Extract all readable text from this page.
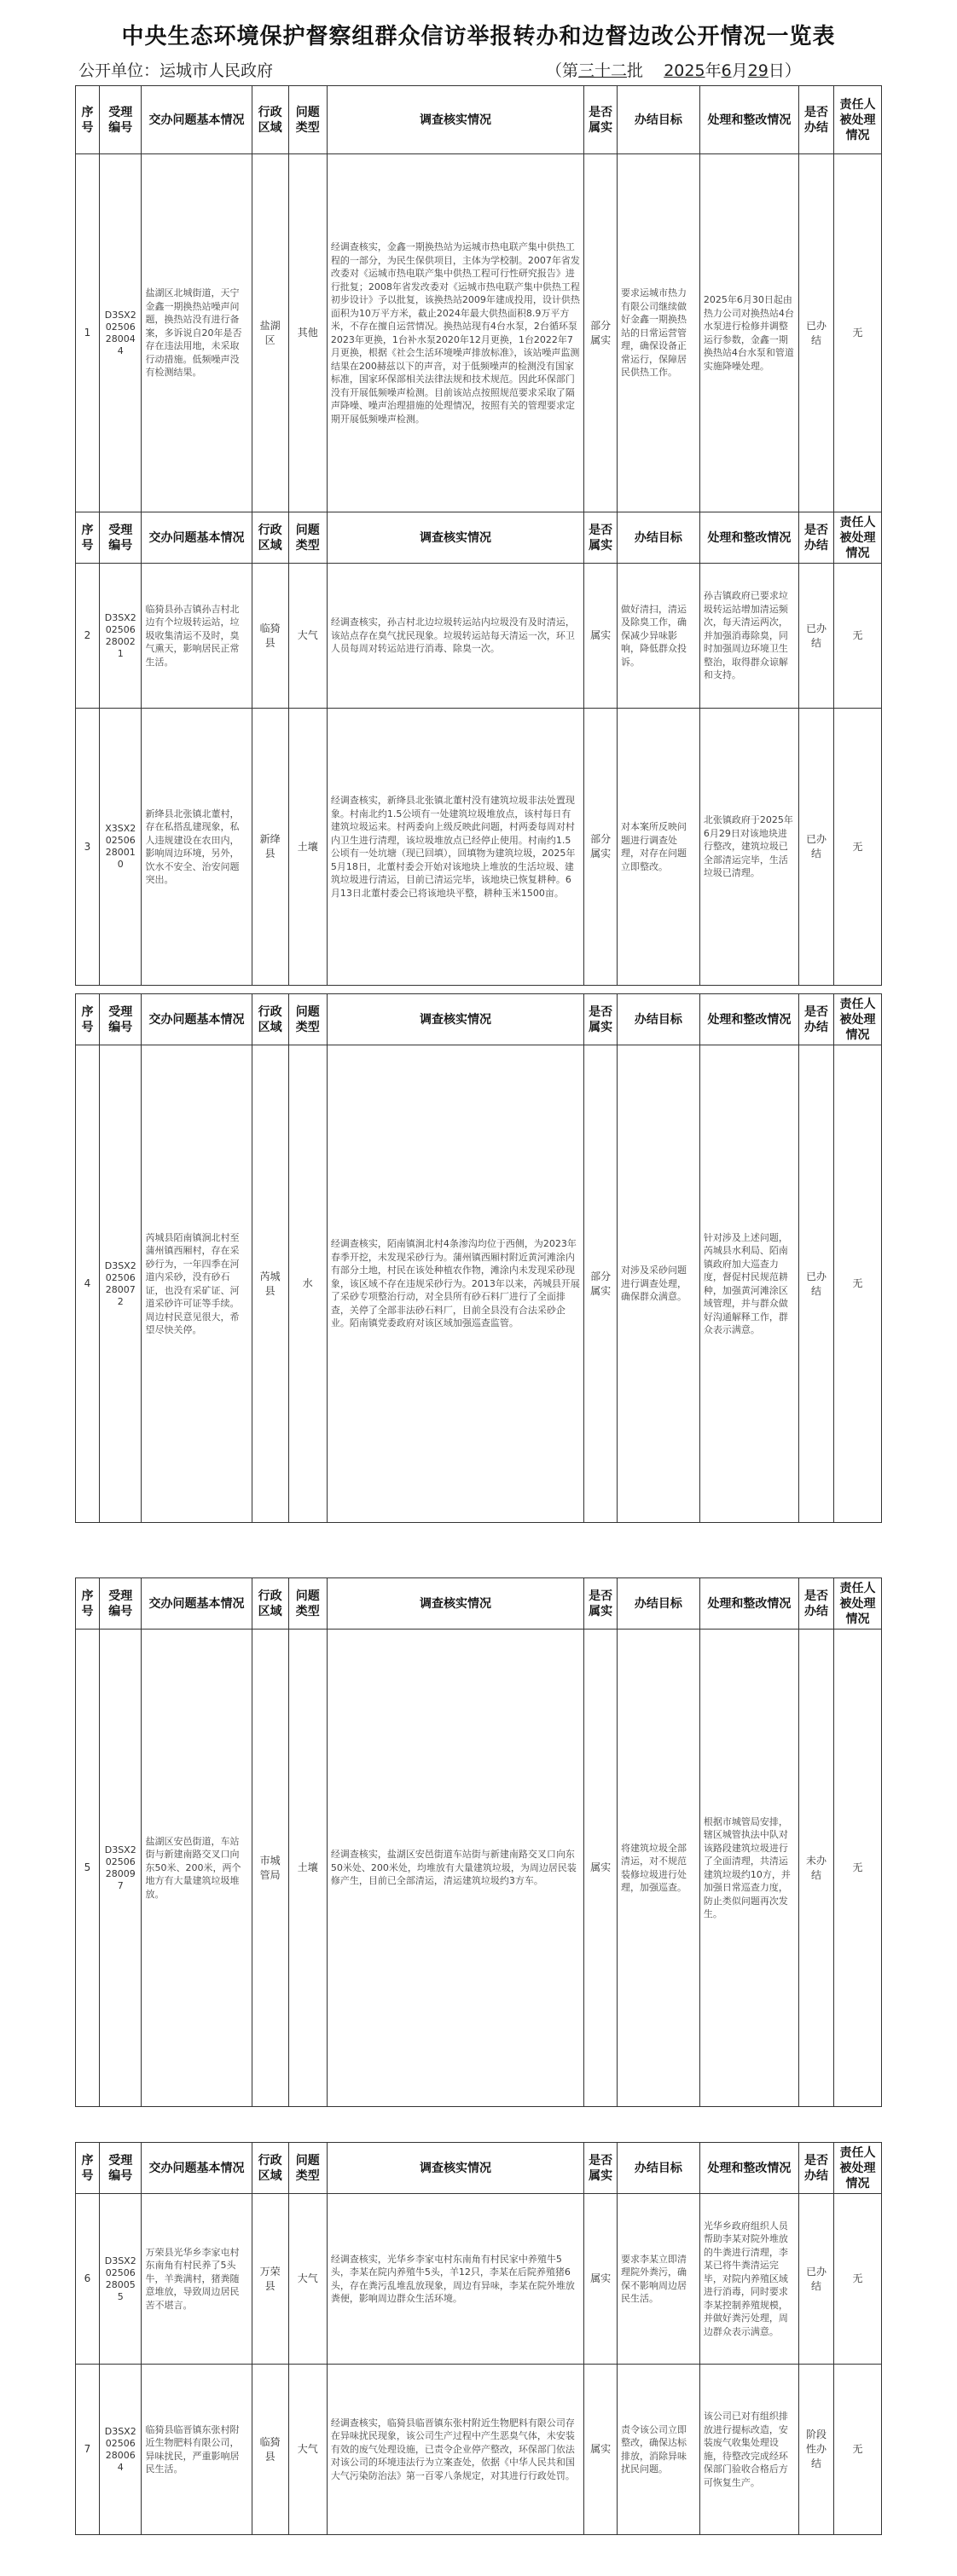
中央生态环境保护督察组群众信访举报转办和边督边改公开情况一览表
公开单位：运城市人民政府	（第三十二批 2025年6月29日）
序号	受理编号	交办问题基本情况	行政区域	问题类型	调查核实情况	是否属实	办结目标	处理和整改情况	是否办结	责任人被处理情况
1	D3SX202506280044	盐湖区北城街道，天宁金鑫一期换热站噪声问题，换热站没有进行备案，多诉说自20年是否存在违法用地，未采取行动措施。低频噪声没有检测结果。	盐湖区	其他	经调查核实，金鑫一期换热站为运城市热电联产集中供热工程的一部分，为民生保供项目，主体为学校制。2007年省发改委对《运城市热电联产集中供热工程可行性研究报告》进行批复；2008年省发改委对《运城市热电联产集中供热工程初步设计》予以批复，该换热站2009年建成投用，设计供热面积为10万平方米，截止2024年最大供热面积8.9万平方米，不存在擅自运营情况。换热站现有4台水泵，2台循环泵2023年更换，1台补水泵2020年12月更换，1台2022年7月更换，根据《社会生活环境噪声排放标准》，该站噪声监测结果在200赫兹以下的声音，对于低频噪声的检测没有国家标准，国家环保部相关法律法规和技术规范。因此环保部门没有开展低频噪声检测。目前该站点按照规范要求采取了隔声降噪、噪声治理措施的处理情况，按照有关的管理要求定期开展低频噪声检测。	部分属实	要求运城市热力有限公司继续做好金鑫一期换热站的日常运营管理，确保设备正常运行，保障居民供热工作。	2025年6月30日起由热力公司对换热站4台水泵进行检修并调整运行参数，金鑫一期换热站4台水泵和管道实施降噪处理。	已办结	无
序号	受理编号	交办问题基本情况	行政区域	问题类型	调查核实情况	是否属实	办结目标	处理和整改情况	是否办结	责任人被处理情况
2	D3SX202506280021	临猗县孙吉镇孙吉村北边有个垃圾转运站，垃圾收集清运不及时，臭气熏天，影响居民正常生活。	临猗县	大气	经调查核实，孙吉村北边垃圾转运站内垃圾没有及时清运，该站点存在臭气扰民现象。垃圾转运站每天清运一次，环卫人员每周对转运站进行消毒、除臭一次。	属实	做好清扫，清运及除臭工作，确保减少异味影响，降低群众投诉。	孙吉镇政府已要求垃圾转运站增加清运频次，每天清运两次，并加强消毒除臭，同时加强周边环境卫生整治，取得群众谅解和支持。	已办结	无
3	X3SX202506280010	新绛县北张镇北董村，存在私搭乱建现象，私人违规建设在农田内，影响周边环境，另外，饮水不安全、治安问题突出。	新绛县	土壤	经调查核实，新绛县北张镇北董村没有建筑垃圾非法处置现象。村南北约1.5公顷有一处建筑垃圾堆放点，该村每日有建筑垃圾运来。村两委向上级反映此问题，村两委每周对村内卫生进行清理，该垃圾堆放点已经停止使用。村南约1.5公顷有一处坑塘（现已回填），回填物为建筑垃圾，2025年5月18日，北董村委会开始对该地块上堆放的生活垃圾、建筑垃圾进行清运，目前已清运完毕，该地块已恢复耕种。6月13日北董村委会已将该地块平整，耕种玉米1500亩。	部分属实	对本案所反映问题进行调查处理，对存在问题立即整改。	北张镇政府于2025年6月29日对该地块进行整改，建筑垃圾已全部清运完毕，生活垃圾已清理。	已办结	无
序号	受理编号	交办问题基本情况	行政区域	问题类型	调查核实情况	是否属实	办结目标	处理和整改情况	是否办结	责任人被处理情况
4	D3SX202506280072	芮城县陌南镇涧北村至蒲州镇西厢村，存在采砂行为，一年四季在河道内采砂，没有砂石证，也没有采矿证、河道采砂许可证等手续。周边村民意见很大，希望尽快关停。	芮城县	水	经调查核实，陌南镇涧北村4条渗沟均位于西侧，为2023年春季开挖，未发现采砂行为。蒲州镇西厢村附近黄河滩涂内有部分土地，村民在该处种植农作物，滩涂内未发现采砂现象，该区域不存在违规采砂行为。2013年以来，芮城县开展了采砂专项整治行动，对全县所有砂石料厂进行了全面排查，关停了全部非法砂石料厂，目前全县没有合法采砂企业。陌南镇党委政府对该区域加强巡查监管。	部分属实	对涉及采砂问题进行调查处理，确保群众满意。	针对涉及上述问题，芮城县水利局、陌南镇政府加大巡查力度，督促村民规范耕种，加强黄河滩涂区域管理，并与群众做好沟通解释工作，群众表示满意。	已办结	无
序号	受理编号	交办问题基本情况	行政区域	问题类型	调查核实情况	是否属实	办结目标	处理和整改情况	是否办结	责任人被处理情况
5	D3SX202506280097	盐湖区安邑街道，车站街与新建南路交叉口向东50米、200米，两个地方有大量建筑垃圾堆放。	市城管局	土壤	经调查核实，盐湖区安邑街道车站街与新建南路交叉口向东50米处、200米处，均堆放有大量建筑垃圾，为周边居民装修产生，目前已全部清运，清运建筑垃圾约3方车。	属实	将建筑垃圾全部清运，对不规范装修垃圾进行处理，加强巡查。	根据市城管局安排，辖区城管执法中队对该路段建筑垃圾进行了全面清理，共清运建筑垃圾约10方，并加强日常巡查力度，防止类似问题再次发生。	未办结	无
序号	受理编号	交办问题基本情况	行政区域	问题类型	调查核实情况	是否属实	办结目标	处理和整改情况	是否办结	责任人被处理情况
6	D3SX202506280055	万荣县光华乡李家屯村东南角有村民养了5头牛，羊粪满村，猪粪随意堆放，导致周边居民苦不堪言。	万荣县	大气	经调查核实，光华乡李家屯村东南角有村民家中养殖牛5头，李某在院内养殖牛5头，羊12只，李某在后院养殖猪6头，存在粪污乱堆乱放现象，周边有异味，李某在院外堆放粪便，影响周边群众生活环境。	属实	要求李某立即清理院外粪污，确保不影响周边居民生活。	光华乡政府组织人员帮助李某对院外堆放的牛粪进行清理，李某已将牛粪清运完毕，对院内养殖区域进行消毒，同时要求李某控制养殖规模，并做好粪污处理，周边群众表示满意。	已办结	无
7	D3SX202506280064	临猗县临晋镇东张村附近生物肥料有限公司，异味扰民，严重影响居民生活。	临猗县	大气	经调查核实，临猗县临晋镇东张村附近生物肥料有限公司存在异味扰民现象，该公司生产过程中产生恶臭气体，未安装有效的废气处理设施，已责令企业停产整改，环保部门依法对该公司的环境违法行为立案查处，依据《中华人民共和国大气污染防治法》第一百零八条规定，对其进行行政处罚。	属实	责令该公司立即整改，确保达标排放，消除异味扰民问题。	该公司已对有组织排放进行提标改造，安装废气收集处理设施，待整改完成经环保部门验收合格后方可恢复生产。	阶段性办结	无
